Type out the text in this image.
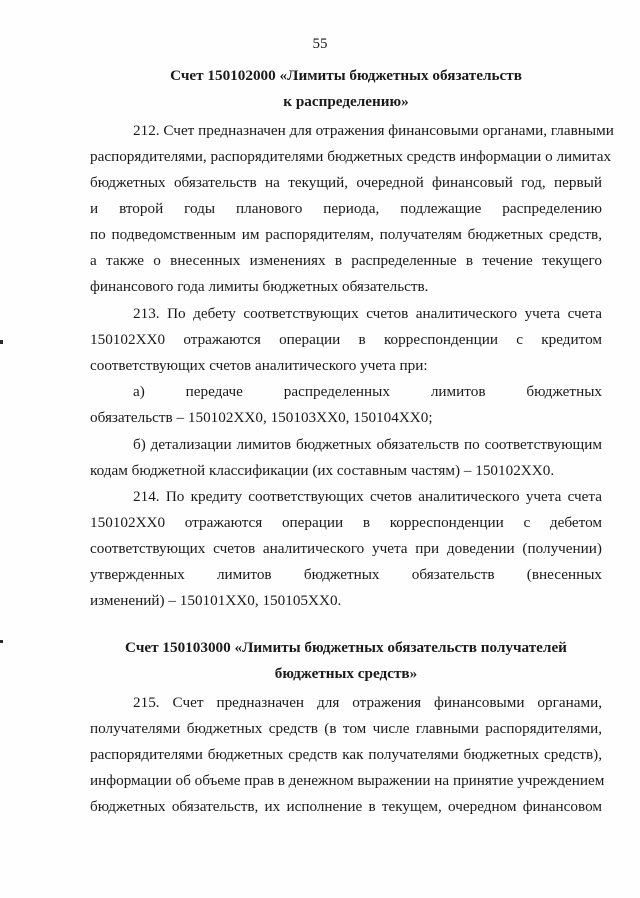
55
Счет 150102000 «Лимиты бюджетных обязательств
к распределению»
212. Счет предназначен для отражения финансовыми органами, главными
распорядителями, распорядителями бюджетных средств информации о лимитах
бюджетных обязательств на текущий, очередной финансовый год, первый
и второй годы планового периода, подлежащие распределению
по подведомственным им распорядителям, получателям бюджетных средств,
а также о внесенных изменениях в распределенные в течение текущего
финансового года лимиты бюджетных обязательств.
213. По дебету соответствующих счетов аналитического учета счета
150102ХХ0 отражаются операции в корреспонденции с кредитом
соответствующих счетов аналитического учета при:
а) передаче распределенных лимитов бюджетных
обязательств – 150102ХХ0, 150103ХХ0, 150104ХХ0;
б) детализации лимитов бюджетных обязательств по соответствующим
кодам бюджетной классификации (их составным частям) – 150102ХХ0.
214. По кредиту соответствующих счетов аналитического учета счета
150102ХХ0 отражаются операции в корреспонденции с дебетом
соответствующих счетов аналитического учета при доведении (получении)
утвержденных лимитов бюджетных обязательств (внесенных
изменений) – 150101ХХ0, 150105ХХ0.
Счет 150103000 «Лимиты бюджетных обязательств получателей
бюджетных средств»
215. Счет предназначен для отражения финансовыми органами,
получателями бюджетных средств (в том числе главными распорядителями,
распорядителями бюджетных средств как получателями бюджетных средств),
информации об объеме прав в денежном выражении на принятие учреждением
бюджетных обязательств, их исполнение в текущем, очередном финансовом
